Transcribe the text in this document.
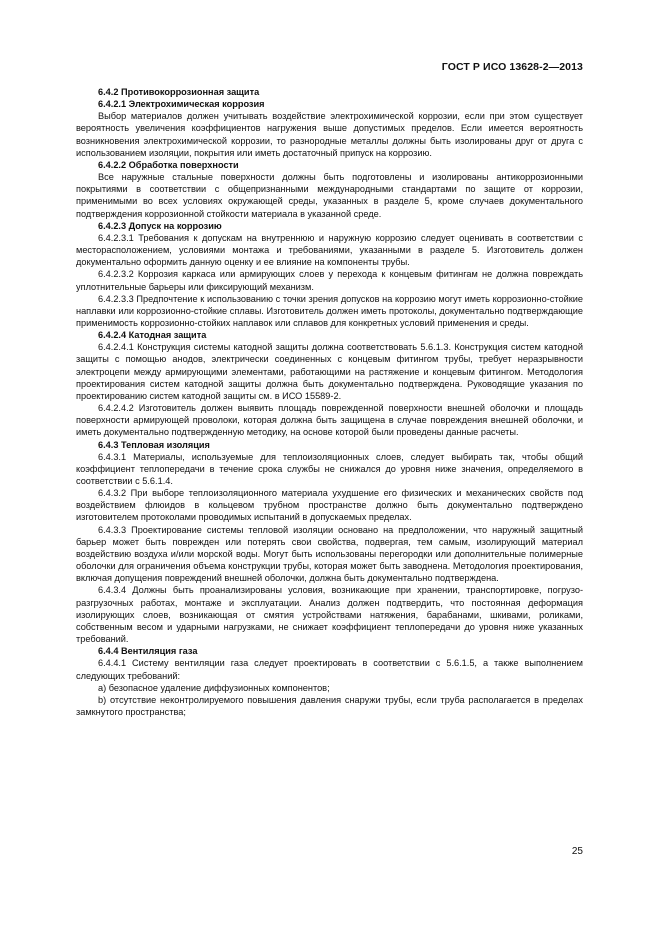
ГОСТ Р ИСО 13628-2—2013

6.4.2 Противокоррозионная защита

6.4.2.1 Электрохимическая коррозия

Выбор материалов должен учитывать воздействие электрохимической коррозии, если при этом существует вероятность увеличения коэффициентов нагружения выше допустимых пределов. Если имеется вероятность возникновения электрохимической коррозии, то разнородные металлы должны быть изолированы друг от друга с использованием изоляции, покрытия или иметь достаточный припуск на коррозию.

6.4.2.2 Обработка поверхности

Все наружные стальные поверхности должны быть подготовлены и изолированы антикоррозионными покрытиями в соответствии с общепризнанными международными стандартами по защите от коррозии, применимыми во всех условиях окружающей среды, указанных в разделе 5, кроме случаев документального подтверждения коррозионной стойкости материала в указанной среде.

6.4.2.3 Допуск на коррозию

6.4.2.3.1 Требования к допускам на внутреннюю и наружную коррозию следует оценивать в соответствии с месторасположением, условиями монтажа и требованиями, указанными в разделе 5. Изготовитель должен документально оформить данную оценку и ее влияние на компоненты трубы.

6.4.2.3.2 Коррозия каркаса или армирующих слоев у перехода к концевым фитингам не должна повреждать уплотнительные барьеры или фиксирующий механизм.

6.4.2.3.3 Предпочтение к использованию с точки зрения допусков на коррозию могут иметь коррозионно-стойкие наплавки или коррозионно-стойкие сплавы. Изготовитель должен иметь протоколы, документально подтверждающие применимость коррозионно-стойких наплавок или сплавов для конкретных условий применения и среды.

6.4.2.4 Катодная защита

6.4.2.4.1 Конструкция системы катодной защиты должна соответствовать 5.6.1.3. Конструкция систем катодной защиты с помощью анодов, электрически соединенных с концевым фитингом трубы, требует неразрывности электроцепи между армирующими элементами, работающими на растяжение и концевым фитингом. Методология проектирования систем катодной защиты должна быть документально подтверждена. Руководящие указания по проектированию систем катодной защиты см. в ИСО 15589-2.

6.4.2.4.2 Изготовитель должен выявить площадь поврежденной поверхности внешней оболочки и площадь поверхности армирующей проволоки, которая должна быть защищена в случае повреждения внешней оболочки, и иметь документально подтвержденную методику, на основе которой были проведены данные расчеты.

6.4.3 Тепловая изоляция

6.4.3.1 Материалы, используемые для теплоизоляционных слоев, следует выбирать так, чтобы общий коэффициент теплопередачи в течение срока службы не снижался до уровня ниже значения, определяемого в соответствии с 5.6.1.4.

6.4.3.2 При выборе теплоизоляционного материала ухудшение его физических и механических свойств под воздействием флюидов в кольцевом трубном пространстве должно быть документально подтверждено изготовителем протоколами проводимых испытаний в допускаемых пределах.

6.4.3.3 Проектирование системы тепловой изоляции основано на предположении, что наружный защитный барьер может быть поврежден или потерять свои свойства, подвергая, тем самым, изолирующий материал воздействию воздуха и/или морской воды. Могут быть использованы перегородки или дополнительные полимерные оболочки для ограничения объема конструкции трубы, которая может быть заводнена. Методология проектирования, включая допущения повреждений внешней оболочки, должна быть документально подтверждена.

6.4.3.4 Должны быть проанализированы условия, возникающие при хранении, транспортировке, погрузо-разгрузочных работах, монтаже и эксплуатации. Анализ должен подтвердить, что постоянная деформация изолирующих слоев, возникающая от смятия устройствами натяжения, барабанами, шкивами, роликами, собственным весом и ударными нагрузками, не снижает коэффициент теплопередачи до уровня ниже указанных требований.

6.4.4 Вентиляция газа

6.4.4.1 Систему вентиляции газа следует проектировать в соответствии с 5.6.1.5, а также выполнением следующих требований:

a) безопасное удаление диффузионных компонентов;

b) отсутствие неконтролируемого повышения давления снаружи трубы, если труба располагается в пределах замкнутого пространства;

25
